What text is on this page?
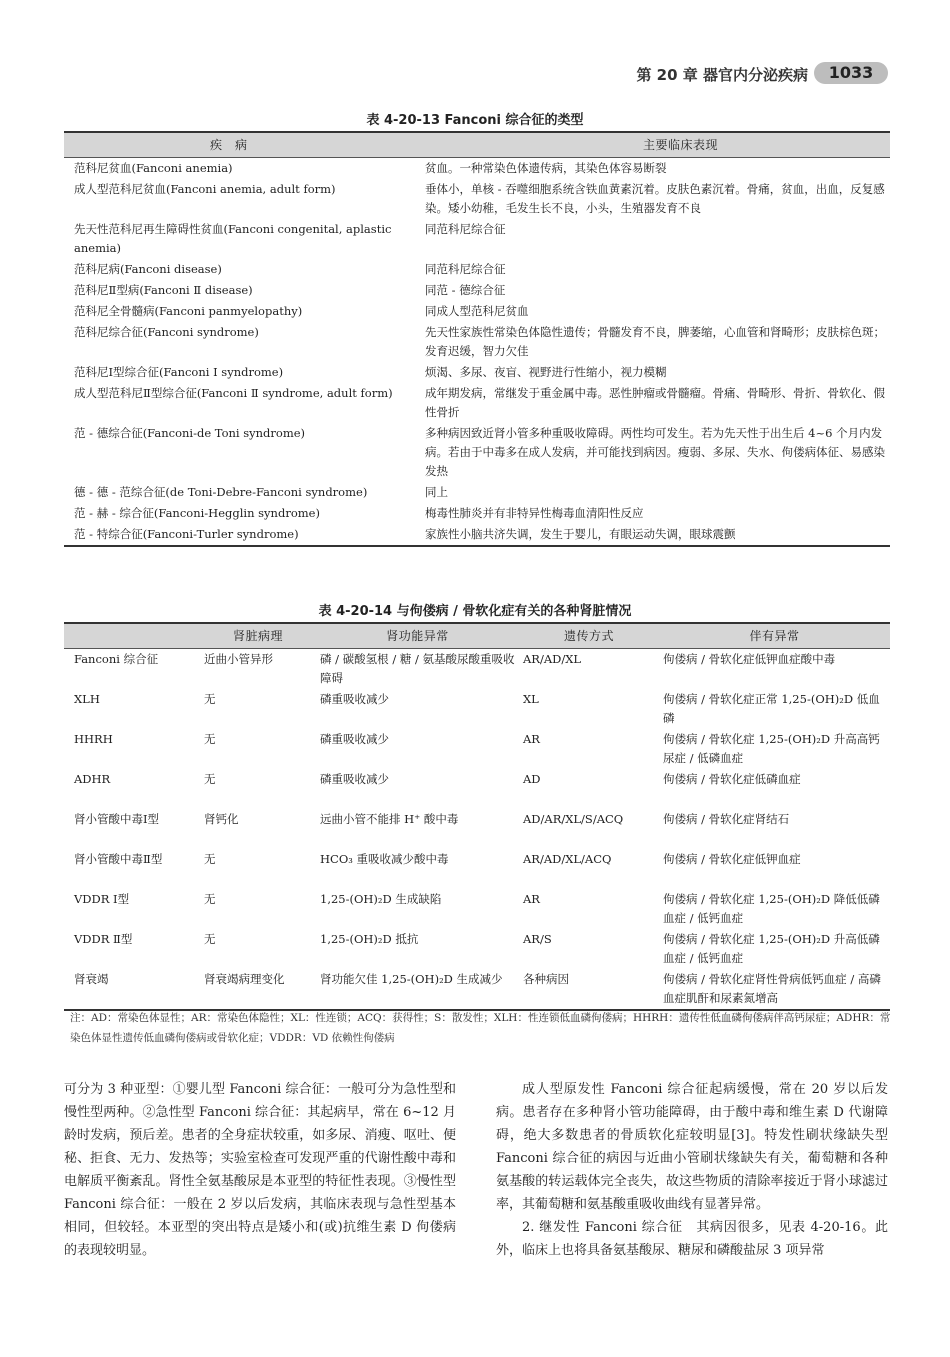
第 20 章 器官内分泌疾病	1033
表 4-20-13 Fanconi 综合征的类型
疾　病	主要临床表现
范科尼贫血(Fanconi anemia)	贫血。一种常染色体遗传病，其染色体容易断裂
成人型范科尼贫血(Fanconi anemia, adult form)	垂体小，单核 - 吞噬细胞系统含铁血黄素沉着。皮肤色素沉着。骨痛，贫血，出血，反复感染。矮小幼稚，毛发生长不良，小头，生殖器发育不良
先天性范科尼再生障碍性贫血(Fanconi congenital, aplastic anemia)	同范科尼综合征
范科尼病(Fanconi disease)	同范科尼综合征
范科尼Ⅱ型病(Fanconi Ⅱ disease)	同范 - 德综合征
范科尼全骨髓病(Fanconi panmyelopathy)	同成人型范科尼贫血
范科尼综合征(Fanconi syndrome)	先天性家族性常染色体隐性遗传；骨髓发育不良，脾萎缩，心血管和肾畸形；皮肤棕色斑；发育迟缓，智力欠佳
范科尼Ⅰ型综合征(Fanconi Ⅰ syndrome)	烦渴、多尿、夜盲、视野进行性缩小，视力模糊
成人型范科尼Ⅱ型综合征(Fanconi Ⅱ syndrome, adult form)	成年期发病，常继发于重金属中毒。恶性肿瘤或骨髓瘤。骨痛、骨畸形、骨折、骨软化、假性骨折
范 - 德综合征(Fanconi-de Toni syndrome)	多种病因致近肾小管多种重吸收障碍。两性均可发生。若为先天性于出生后 4~6 个月内发病。若由于中毒多在成人发病，并可能找到病因。瘦弱、多尿、失水、佝偻病体征、易感染发热
德 - 德 - 范综合征(de Toni-Debre-Fanconi syndrome)	同上
范 - 赫 - 综合征(Fanconi-Hegglin syndrome)	梅毒性肺炎并有非特异性梅毒血清阳性反应
范 - 特综合征(Fanconi-Turler syndrome)	家族性小脑共济失调，发生于婴儿，有眼运动失调，眼球震颤
表 4-20-14 与佝偻病 / 骨软化症有关的各种肾脏情况
	肾脏病理	肾功能异常	遗传方式	伴有异常
Fanconi 综合征	近曲小管异形	磷 / 碳酸氢根 / 糖 / 氨基酸尿酸重吸收障碍	AR/AD/XL	佝偻病 / 骨软化症低钾血症酸中毒
XLH	无	磷重吸收减少	XL	佝偻病 / 骨软化症正常 1,25-(OH)₂D 低血磷
HHRH	无	磷重吸收减少	AR	佝偻病 / 骨软化症 1,25-(OH)₂D 升高高钙尿症 / 低磷血症
ADHR	无	磷重吸收减少	AD	佝偻病 / 骨软化症低磷血症
肾小管酸中毒Ⅰ型	肾钙化	远曲小管不能排 H⁺ 酸中毒	AD/AR/XL/S/ACQ	佝偻病 / 骨软化症肾结石
肾小管酸中毒Ⅱ型	无	HCO₃ 重吸收减少酸中毒	AR/AD/XL/ACQ	佝偻病 / 骨软化症低钾血症
VDDR Ⅰ型	无	1,25-(OH)₂D 生成缺陷	AR	佝偻病 / 骨软化症 1,25-(OH)₂D 降低低磷血症 / 低钙血症
VDDR Ⅱ型	无	1,25-(OH)₂D 抵抗	AR/S	佝偻病 / 骨软化症 1,25-(OH)₂D 升高低磷血症 / 低钙血症
肾衰竭	肾衰竭病理变化	肾功能欠佳 1,25-(OH)₂D 生成减少	各种病因	佝偻病 / 骨软化症肾性骨病低钙血症 / 高磷血症肌酐和尿素氮增高
注：AD：常染色体显性；AR：常染色体隐性；XL：性连锁；ACQ：获得性；S：散发性；XLH：性连锁低血磷佝偻病；HHRH：遗传性低血磷佝偻病伴高钙尿症；ADHR：常染色体显性遗传低血磷佝偻病或骨软化症；VDDR：VD 依赖性佝偻病

可分为 3 种亚型：①婴儿型 Fanconi 综合征：一般可分为急性型和慢性型两种。②急性型 Fanconi 综合征：其起病早，常在 6~12 月龄时发病，预后差。患者的全身症状较重，如多尿、消瘦、呕吐、便秘、拒食、无力、发热等；实验室检查可发现严重的代谢性酸中毒和电解质平衡紊乱。肾性全氨基酸尿是本亚型的特征性表现。③慢性型 Fanconi 综合征：一般在 2 岁以后发病，其临床表现与急性型基本相同，但较轻。本亚型的突出特点是矮小和(或)抗维生素 D 佝偻病的表现较明显。

成人型原发性 Fanconi 综合征起病缓慢，常在 20 岁以后发病。患者存在多种肾小管功能障碍，由于酸中毒和维生素 D 代谢障碍，绝大多数患者的骨质软化症较明显[3]。特发性刷状缘缺失型 Fanconi 综合征的病因与近曲小管刷状缘缺失有关，葡萄糖和各种氨基酸的转运载体完全丧失，故这些物质的清除率接近于肾小球滤过率，其葡萄糖和氨基酸重吸收曲线有显著异常。

2. 继发性 Fanconi 综合征　其病因很多，见表 4-20-16。此外，临床上也将具备氨基酸尿、糖尿和磷酸盐尿 3 项异常
